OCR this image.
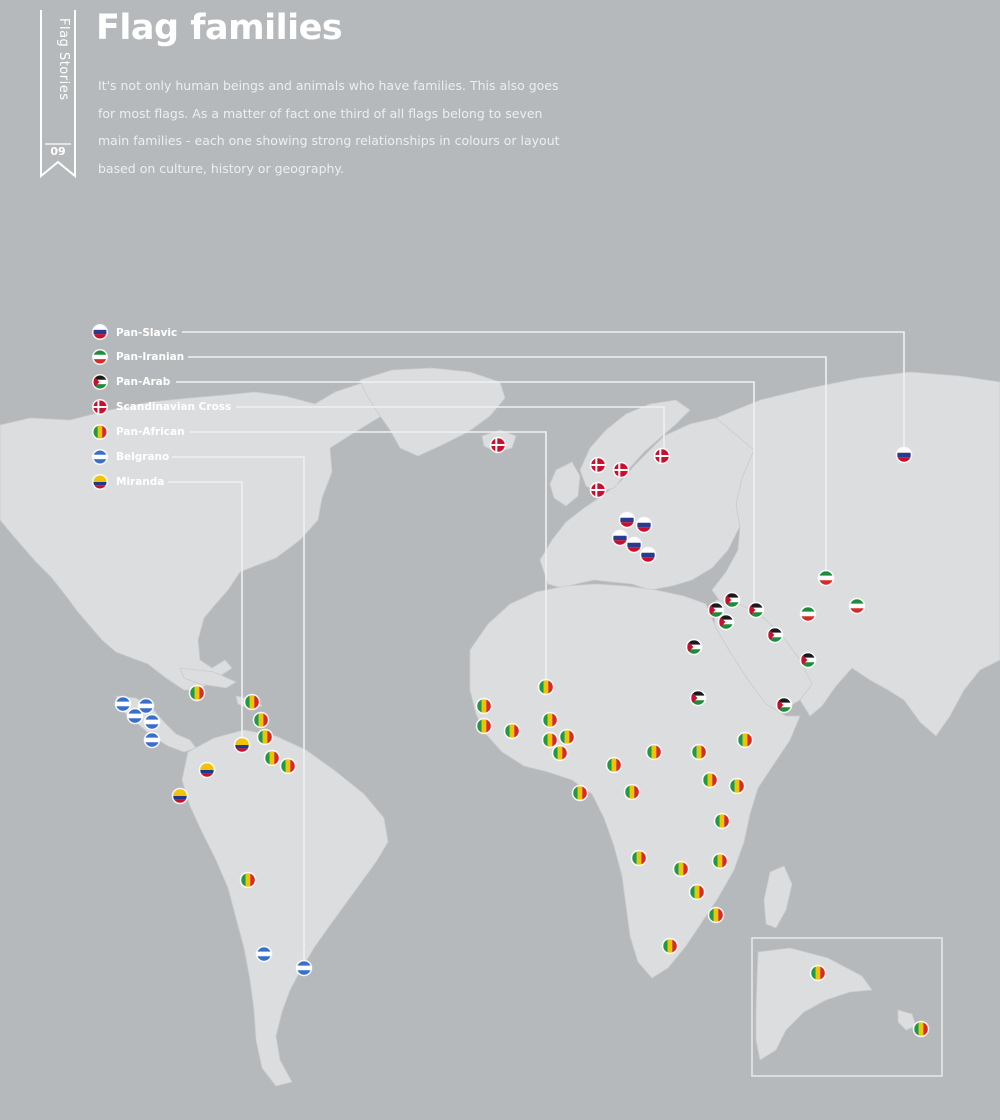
Flag Stories
09
Flag families
It's not only human beings and animals who have families. This also goes
for most flags. As a matter of fact one third of all flags belong to seven
main families - each one showing strong relationships in colours or layout
based on culture, history or geography.
Pan-Slavic
Pan-Iranian
Pan-Arab
Scandinavian Cross
Pan-African
Belgrano
Miranda
